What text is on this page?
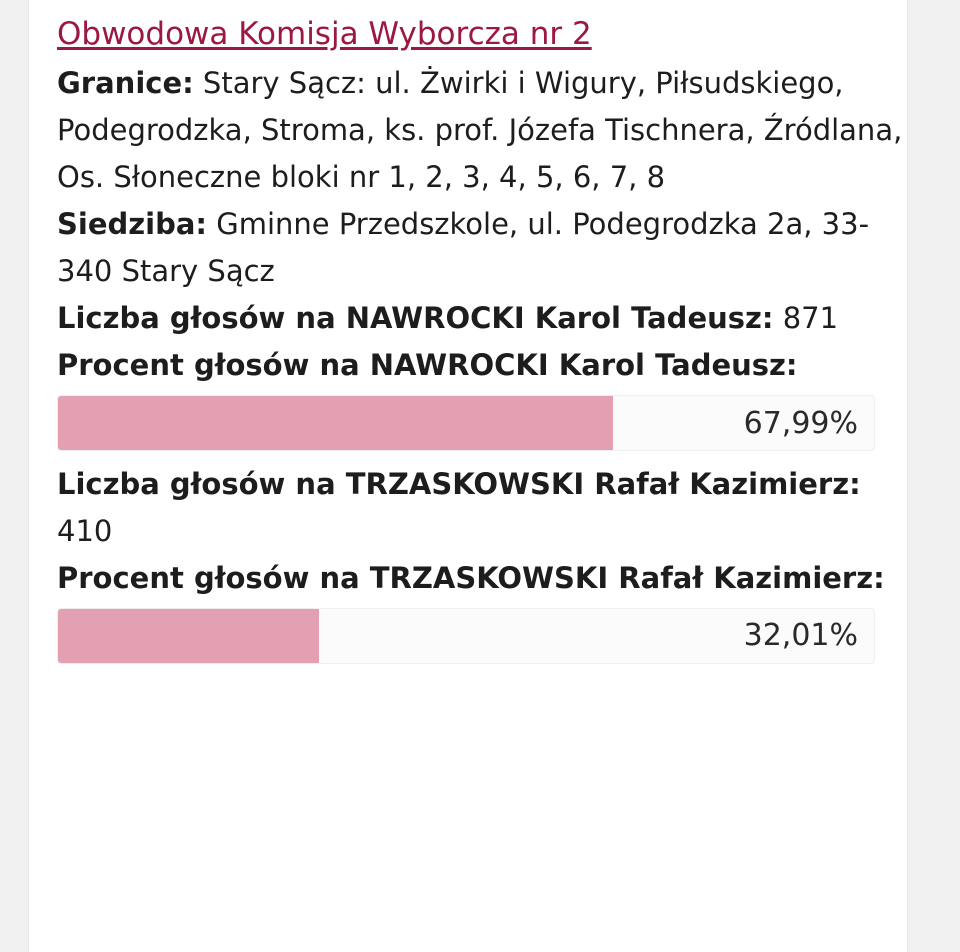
Obwodowa Komisja Wyborcza nr 2

Granice: Stary Sącz: ul. Żwirki i Wigury, Piłsudskiego, Podegrodzka, Stroma, ks. prof. Józefa Tischnera, Źródlana, Os. Słoneczne bloki nr 1, 2, 3, 4, 5, 6, 7, 8

Siedziba: Gminne Przedszkole, ul. Podegrodzka 2a, 33-340 Stary Sącz

Liczba głosów na NAWROCKI Karol Tadeusz: 871

Procent głosów na NAWROCKI Karol Tadeusz:

67,99%

Liczba głosów na TRZASKOWSKI Rafał Kazimierz: 410

Procent głosów na TRZASKOWSKI Rafał Kazimierz:

32,01%
